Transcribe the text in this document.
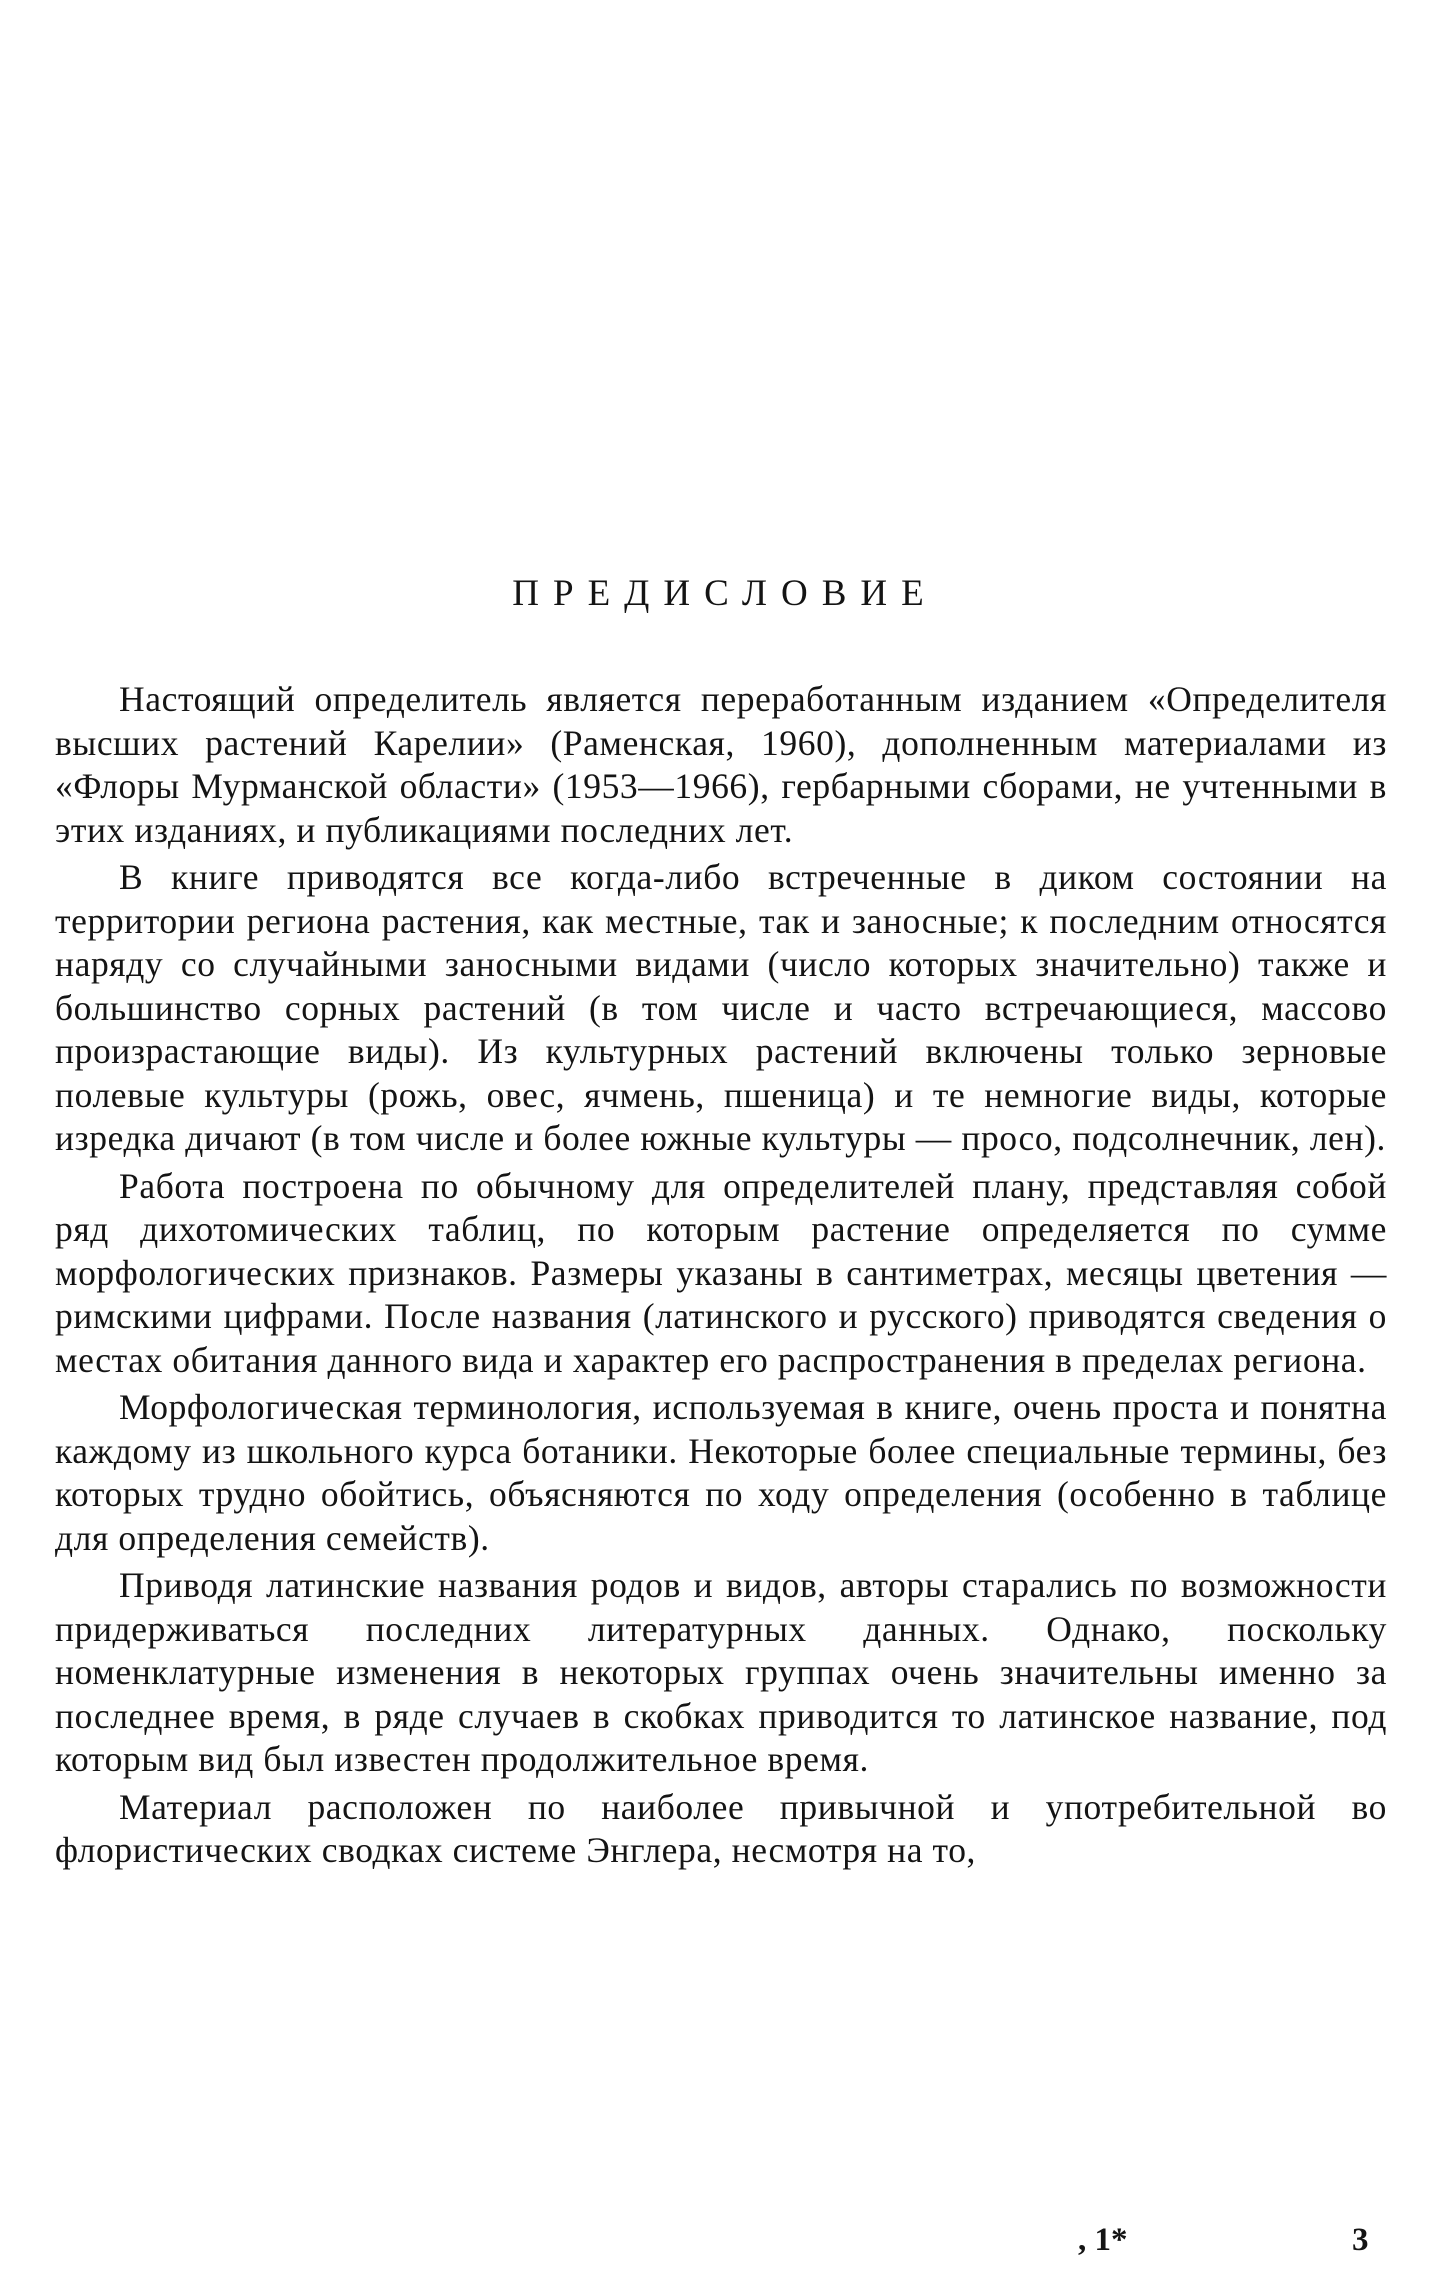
ПРЕДИСЛОВИЕ

Настоящий определитель является переработанным изданием «Определителя высших растений Карелии» (Раменская, 1960), дополненным материалами из «Флоры Мурманской области» (1953—1966), гербарными сборами, не учтенными в этих изданиях, и публикациями последних лет.

В книге приводятся все когда-либо встреченные в диком состоянии на территории региона растения, как местные, так и заносные; к последним относятся наряду со случайными заносными видами (число которых значительно) также и большинство сорных растений (в том числе и часто встречающиеся, массово произрастающие виды). Из культурных растений включены только зерновые полевые культуры (рожь, овес, ячмень, пшеница) и те немногие виды, которые изредка дичают (в том числе и более южные культуры — просо, подсолнечник, лен).

Работа построена по обычному для определителей плану, представляя собой ряд дихотомических таблиц, по которым растение определяется по сумме морфологических признаков. Размеры указаны в сантиметрах, месяцы цветения — римскими цифрами. После названия (латинского и русского) приводятся сведения о местах обитания данного вида и характер его распространения в пределах региона.

Морфологическая терминология, используемая в книге, очень проста и понятна каждому из школьного курса ботаники. Некоторые более специальные термины, без которых трудно обойтись, объясняются по ходу определения (особенно в таблице для определения семейств).

Приводя латинские названия родов и видов, авторы старались по возможности придерживаться последних литературных данных. Однако, поскольку номенклатурные изменения в некоторых группах очень значительны именно за последнее время, в ряде случаев в скобках приводится то латинское название, под которым вид был известен продолжительное время.

Материал расположен по наиболее привычной и употребительной во флористических сводках системе Энглера, несмотря на то,

, 1*	3
